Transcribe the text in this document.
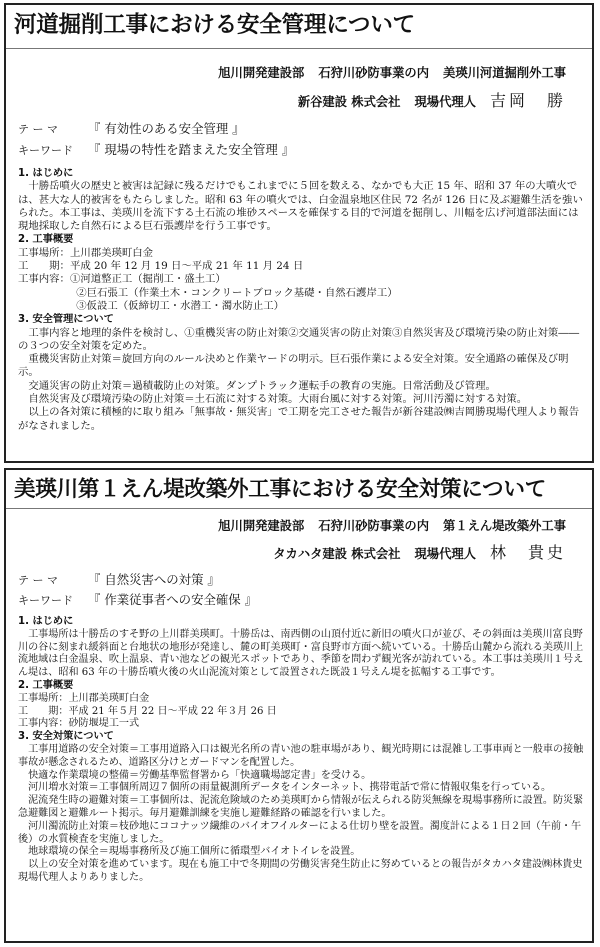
河道掘削工事における安全管理について
旭川開発建設部 石狩川砂防事業の内 美瑛川河道掘削外工事
新谷建設 株式会社 現場代理人 吉岡　勝
テ ー マ 『 有効性のある安全管理 』
キーワード 『 現場の特性を踏まえた安全管理 』
1. はじめに
十勝岳噴火の歴史と被害は記録に残るだけでもこれまでに５回を数える、なかでも大正 15 年、昭和 37 年の大噴火では、甚大な人的被害をもたらしました。昭和 63 年の噴火では、白金温泉地区住民 72 名が 126 日に及ぶ避難生活を強いられた。本工事は、美瑛川を流下する土石流の堆砂スペースを確保する目的で河道を掘削し、川幅を広げ河道部法面には現地採取した自然石による巨石張護岸を行う工事です。
2. 工事概要
工事場所：上川郡美瑛町白金
工　　期：平成 20 年 12 月 19 日～平成 21 年 11 月 24 日
工事内容：①河道整正工（掘削工・盛土工）
②巨石張工（作業土木・コンクリートブロック基礎・自然石護岸工）
③仮設工（仮締切工・水潜工・濁水防止工）
3. 安全管理について
工事内容と地理的条件を検討し、①重機災害の防止対策②交通災害の防止対策③自然災害及び環境汚染の防止対策――の３つの安全対策を定めた。
重機災害防止対策＝旋回方向のルール決めと作業ヤードの明示。巨石張作業による安全対策。安全通路の確保及び明示。
交通災害の防止対策＝過積載防止の対策。ダンプトラック運転手の教育の実施。日常活動及び管理。
自然災害及び環境汚染の防止対策＝土石流に対する対策。大雨台風に対する対策。河川汚濁に対する対策。
以上の各対策に積極的に取り組み「無事故・無災害」で工期を完工させた報告が新谷建設㈱吉岡勝現場代理人より報告がなされました。
美瑛川第１えん堤改築外工事における安全対策について
旭川開発建設部 石狩川砂防事業の内 第１えん堤改築外工事
タカハタ建設 株式会社 現場代理人 林　貴史
テ ー マ 『 自然災害への対策 』
キーワード 『 作業従事者への安全確保 』
1. はじめに
工事場所は十勝岳のすそ野の上川群美瑛町。十勝岳は、南西側の山頂付近に新旧の噴火口が並び、その斜面は美瑛川富良野川の谷に刻まれ緩斜面と台地状の地形が発達し、麓の町美瑛町・富良野市方面へ続いている。十勝岳山麓から流れる美瑛川上流地域は白金温泉、吹上温泉、青い池などの観光スポットであり、季節を問わず観光客が訪れている。本工事は美瑛川１号えん堤は、昭和 63 年の十勝岳噴火後の火山泥流対策として設置された既設１号えん堤を拡幅する工事です。
2. 工事概要
工事場所：上川郡美瑛町白金
工　　期：平成 21 年５月 22 日～平成 22 年３月 26 日
工事内容：砂防堰堤工一式
3. 安全対策について
工事用道路の安全対策＝工事用道路入口は観光名所の青い池の駐車場があり、観光時期には混雑し工事車両と一般車の接触事故が懸念されるため、道路区分けとガードマンを配置した。
快適な作業環境の整備＝労働基準監督署から「快適職場認定書」を受ける。
河川増水対策＝工事個所周辺７個所の雨量観測所データをインターネット、携帯電話で常に情報収集を行っている。
泥流発生時の避難対策＝工事個所は、泥流危険域のため美瑛町から情報が伝えられる防災無線を現場事務所に設置。防災緊急避難図と避難ルート掲示。毎月避難訓練を実施し避難経路の確認を行いました。
河川濁流防止対策＝枝砂地にココナッツ繊維のバイオフイルターによる仕切り壁を設置。濁度計による１日２回（午前・午後）の水質検査を実施しました。
地球環境の保全＝現場事務所及び施工個所に循環型バイオトイレを設置。
以上の安全対策を進めています。現在も施工中で冬期間の労働災害発生防止に努めているとの報告がタカハタ建設㈱林貴史現場代理人よりありました。
